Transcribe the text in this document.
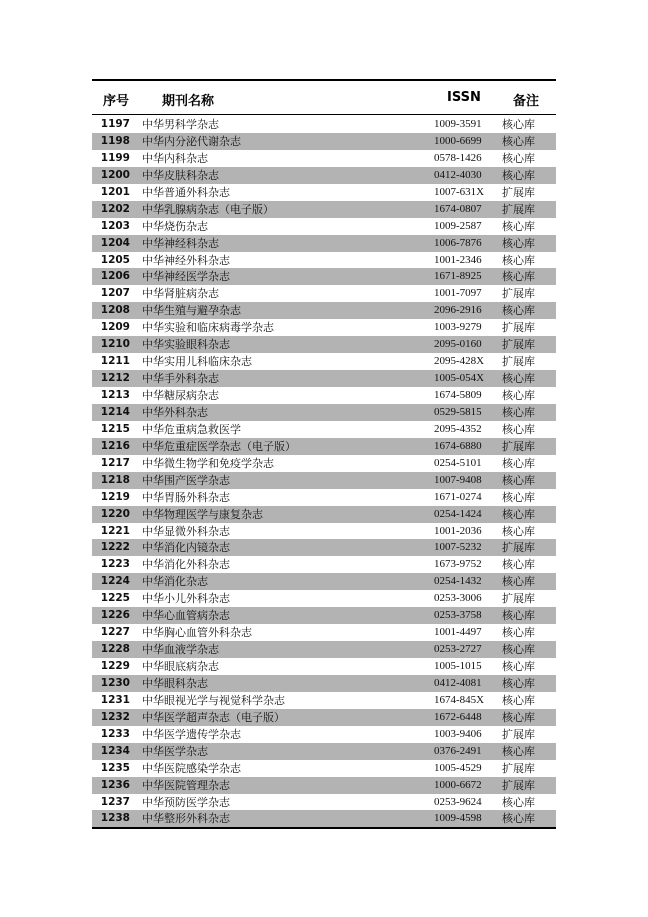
序号	期刊名称	ISSN 备注
1197 中华男科学杂志	1009-3591 核心库
1198 中华内分泌代谢杂志	1000-6699 核心库
1199 中华内科杂志	0578-1426 核心库
1200 中华皮肤科杂志	0412-4030 核心库
1201 中华普通外科杂志	1007-631X 扩展库
1202 中华乳腺病杂志（电子版）	1674-0807 扩展库
1203 中华烧伤杂志	1009-2587 核心库
1204 中华神经科杂志	1006-7876 核心库
1205 中华神经外科杂志	1001-2346 核心库
1206 中华神经医学杂志	1671-8925 核心库
1207 中华肾脏病杂志	1001-7097 扩展库
1208 中华生殖与避孕杂志	2096-2916 核心库
1209 中华实验和临床病毒学杂志	1003-9279 扩展库
1210 中华实验眼科杂志	2095-0160 扩展库
1211 中华实用儿科临床杂志	2095-428X 扩展库
1212 中华手外科杂志	1005-054X 核心库
1213 中华糖尿病杂志	1674-5809 核心库
1214 中华外科杂志	0529-5815 核心库
1215 中华危重病急救医学	2095-4352 核心库
1216 中华危重症医学杂志（电子版）	1674-6880 扩展库
1217 中华微生物学和免疫学杂志	0254-5101 核心库
1218 中华围产医学杂志	1007-9408 核心库
1219 中华胃肠外科杂志	1671-0274 核心库
1220 中华物理医学与康复杂志	0254-1424 核心库
1221 中华显微外科杂志	1001-2036 核心库
1222 中华消化内镜杂志	1007-5232 扩展库
1223 中华消化外科杂志	1673-9752 核心库
1224 中华消化杂志	0254-1432 核心库
1225 中华小儿外科杂志	0253-3006 扩展库
1226 中华心血管病杂志	0253-3758 核心库
1227 中华胸心血管外科杂志	1001-4497 核心库
1228 中华血液学杂志	0253-2727 核心库
1229 中华眼底病杂志	1005-1015 核心库
1230 中华眼科杂志	0412-4081 核心库
1231 中华眼视光学与视觉科学杂志	1674-845X 核心库
1232 中华医学超声杂志（电子版）	1672-6448 核心库
1233 中华医学遗传学杂志	1003-9406 扩展库
1234 中华医学杂志	0376-2491 核心库
1235 中华医院感染学杂志	1005-4529 扩展库
1236 中华医院管理杂志	1000-6672 扩展库
1237 中华预防医学杂志	0253-9624 核心库
1238 中华整形外科杂志	1009-4598 核心库
